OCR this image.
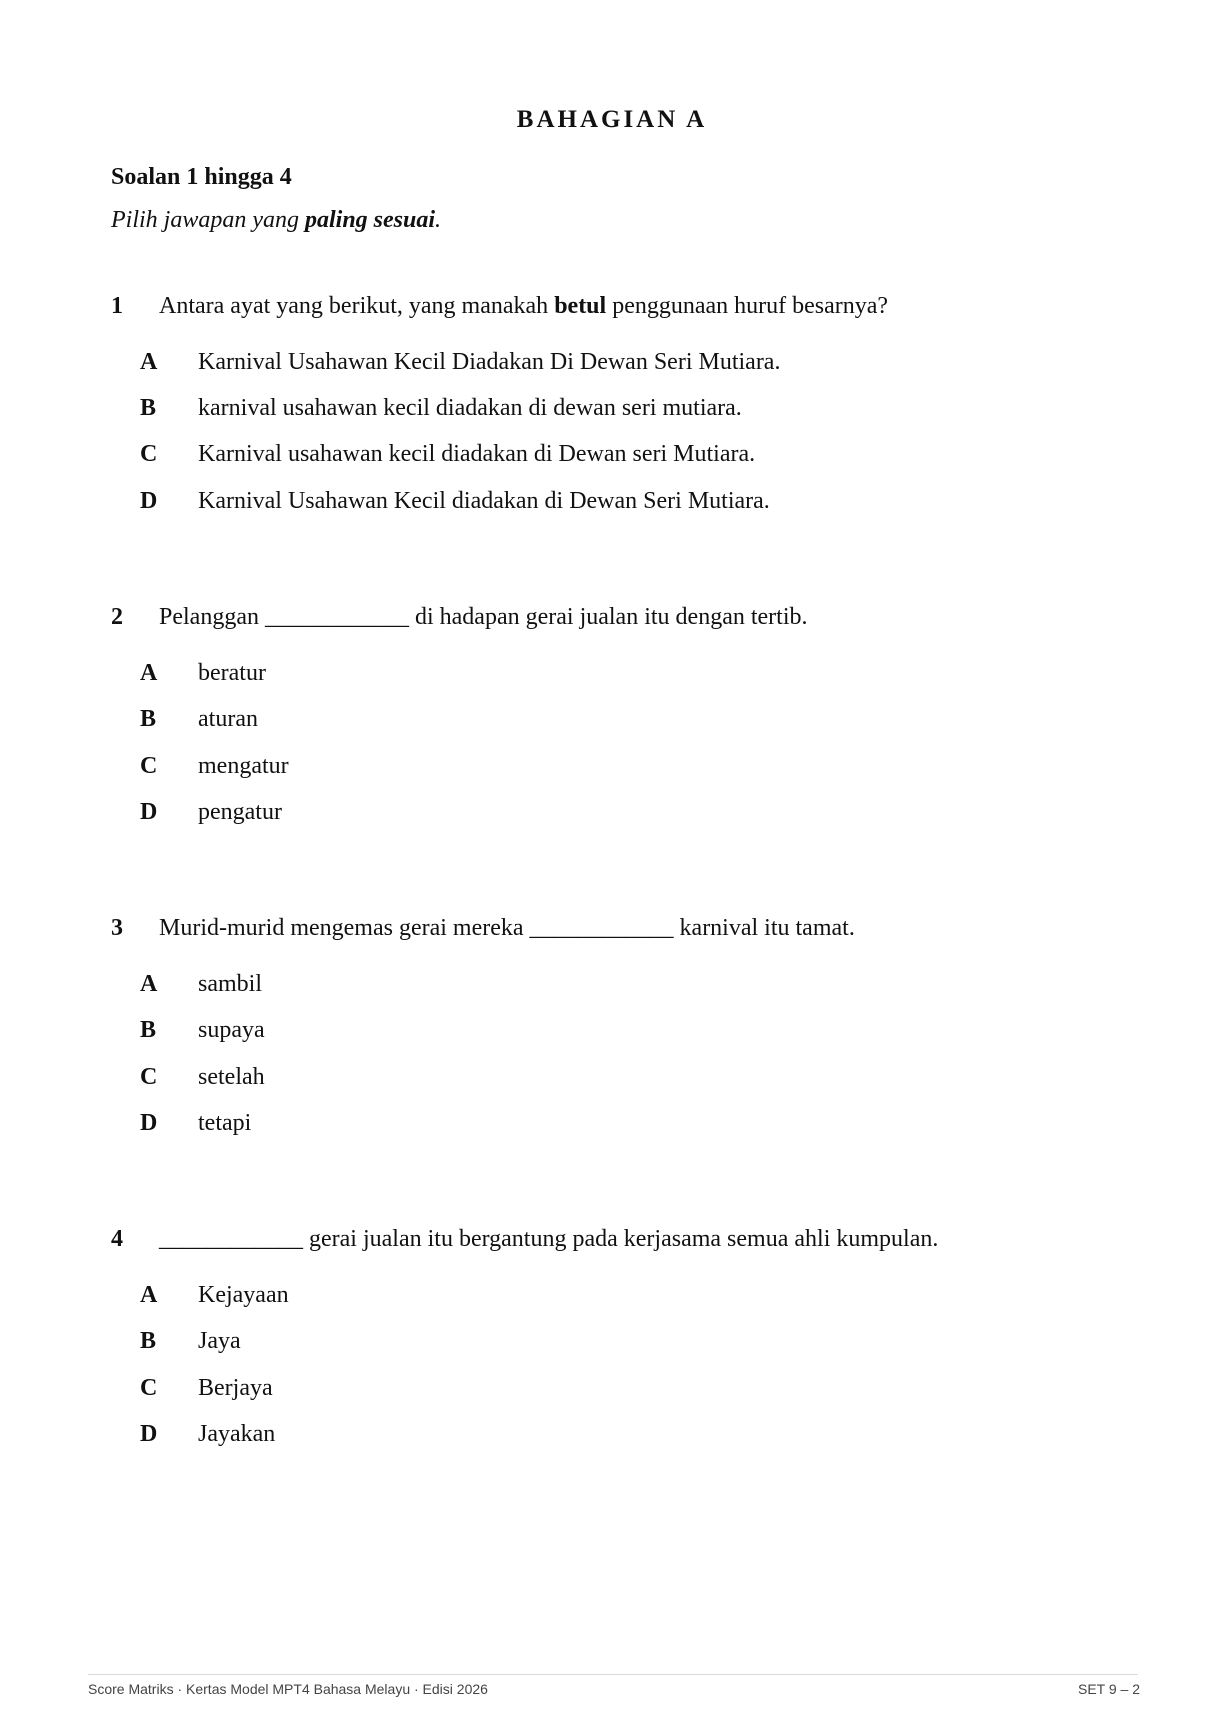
BAHAGIAN A
Soalan 1 hingga 4
Pilih jawapan yang paling sesuai.
1 Antara ayat yang berikut, yang manakah betul penggunaan huruf besarnya?
A Karnival Usahawan Kecil Diadakan Di Dewan Seri Mutiara.
B karnival usahawan kecil diadakan di dewan seri mutiara.
C Karnival usahawan kecil diadakan di Dewan seri Mutiara.
D Karnival Usahawan Kecil diadakan di Dewan Seri Mutiara.
2 Pelanggan ____________ di hadapan gerai jualan itu dengan tertib.
A beratur
B aturan
C mengatur
D pengatur
3 Murid-murid mengemas gerai mereka ____________ karnival itu tamat.
A sambil
B supaya
C setelah
D tetapi
4 ____________ gerai jualan itu bergantung pada kerjasama semua ahli kumpulan.
A Kejayaan
B Jaya
C Berjaya
D Jayakan
Score Matriks · Kertas Model MPT4 Bahasa Melayu · Edisi 2026	SET 9 – 2
